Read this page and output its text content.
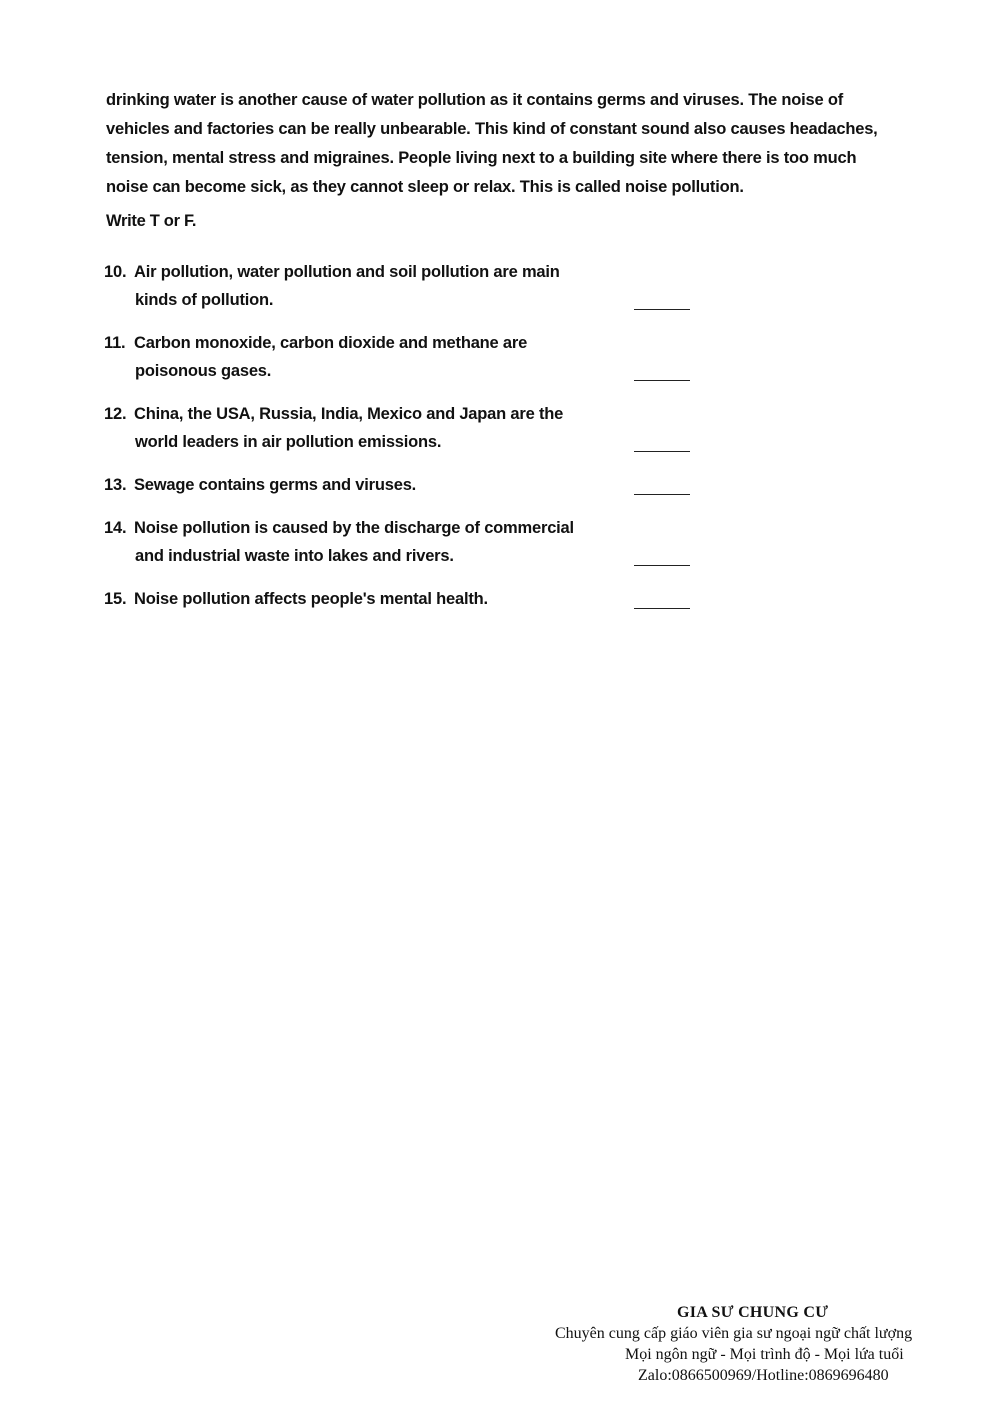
drinking water is another cause of water pollution as it contains germs and viruses. The noise of
vehicles and factories can be really unbearable. This kind of constant sound also causes headaches,
tension, mental stress and migraines. People living next to a building site where there is too much
noise can become sick, as they cannot sleep or relax. This is called noise pollution.
Write T or F.
10. Air pollution, water pollution and soil pollution are main
kinds of pollution.
11. Carbon monoxide, carbon dioxide and methane are
poisonous gases.
12. China, the USA, Russia, India, Mexico and Japan are the
world leaders in air pollution emissions.
13. Sewage contains germs and viruses.
14. Noise pollution is caused by the discharge of commercial
and industrial waste into lakes and rivers.
15. Noise pollution affects people's mental health.
GIA SƯ CHUNG CƯ
Chuyên cung cấp giáo viên gia sư ngoại ngữ chất lượng
Mọi ngôn ngữ - Mọi trình độ - Mọi lứa tuổi
Zalo:0866500969/Hotline:0869696480
